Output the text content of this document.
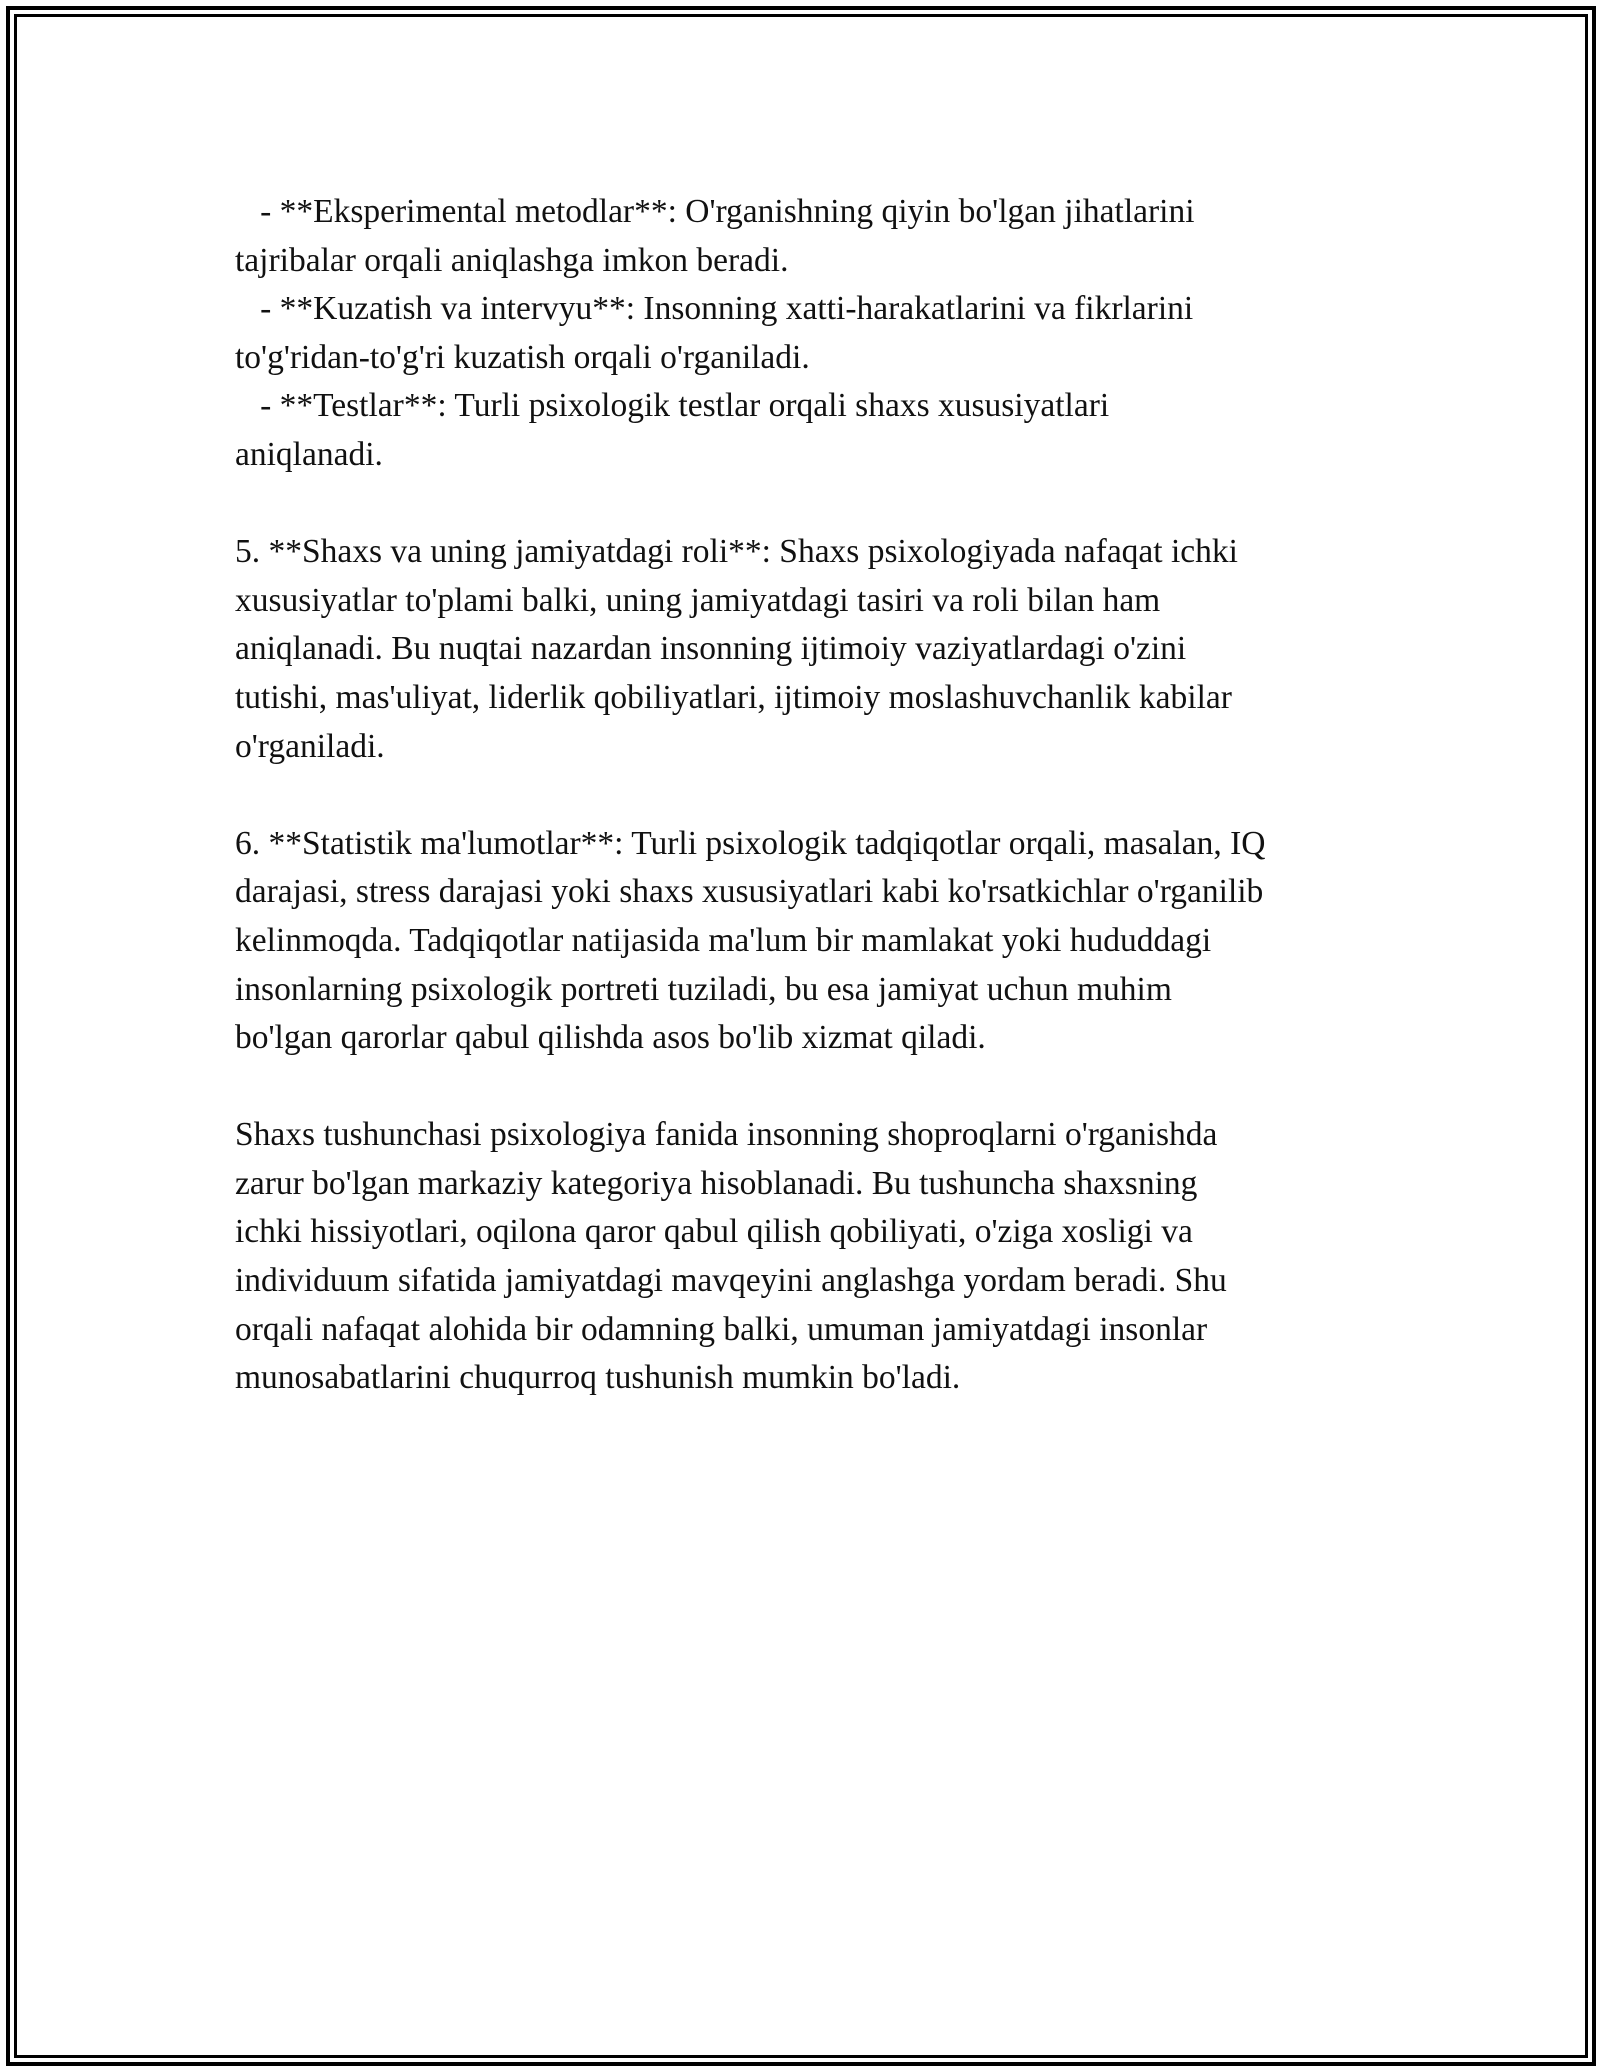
- **Eksperimental metodlar**: O'rganishning qiyin bo'lgan jihatlarini
tajribalar orqali aniqlashga imkon beradi.
- **Kuzatish va intervyu**: Insonning xatti-harakatlarini va fikrlarini
to'g'ridan-to'g'ri kuzatish orqali o'rganiladi.
- **Testlar**: Turli psixologik testlar orqali shaxs xususiyatlari
aniqlanadi.
5. **Shaxs va uning jamiyatdagi roli**: Shaxs psixologiyada nafaqat ichki
xususiyatlar to'plami balki, uning jamiyatdagi tasiri va roli bilan ham
aniqlanadi. Bu nuqtai nazardan insonning ijtimoiy vaziyatlardagi o'zini
tutishi, mas'uliyat, liderlik qobiliyatlari, ijtimoiy moslashuvchanlik kabilar
o'rganiladi.
6. **Statistik ma'lumotlar**: Turli psixologik tadqiqotlar orqali, masalan, IQ
darajasi, stress darajasi yoki shaxs xususiyatlari kabi ko'rsatkichlar o'rganilib
kelinmoqda. Tadqiqotlar natijasida ma'lum bir mamlakat yoki hududdagi
insonlarning psixologik portreti tuziladi, bu esa jamiyat uchun muhim
bo'lgan qarorlar qabul qilishda asos bo'lib xizmat qiladi.
Shaxs tushunchasi psixologiya fanida insonning shoproqlarni o'rganishda
zarur bo'lgan markaziy kategoriya hisoblanadi. Bu tushuncha shaxsning
ichki hissiyotlari, oqilona qaror qabul qilish qobiliyati, o'ziga xosligi va
individuum sifatida jamiyatdagi mavqeyini anglashga yordam beradi. Shu
orqali nafaqat alohida bir odamning balki, umuman jamiyatdagi insonlar
munosabatlarini chuqurroq tushunish mumkin bo'ladi.
